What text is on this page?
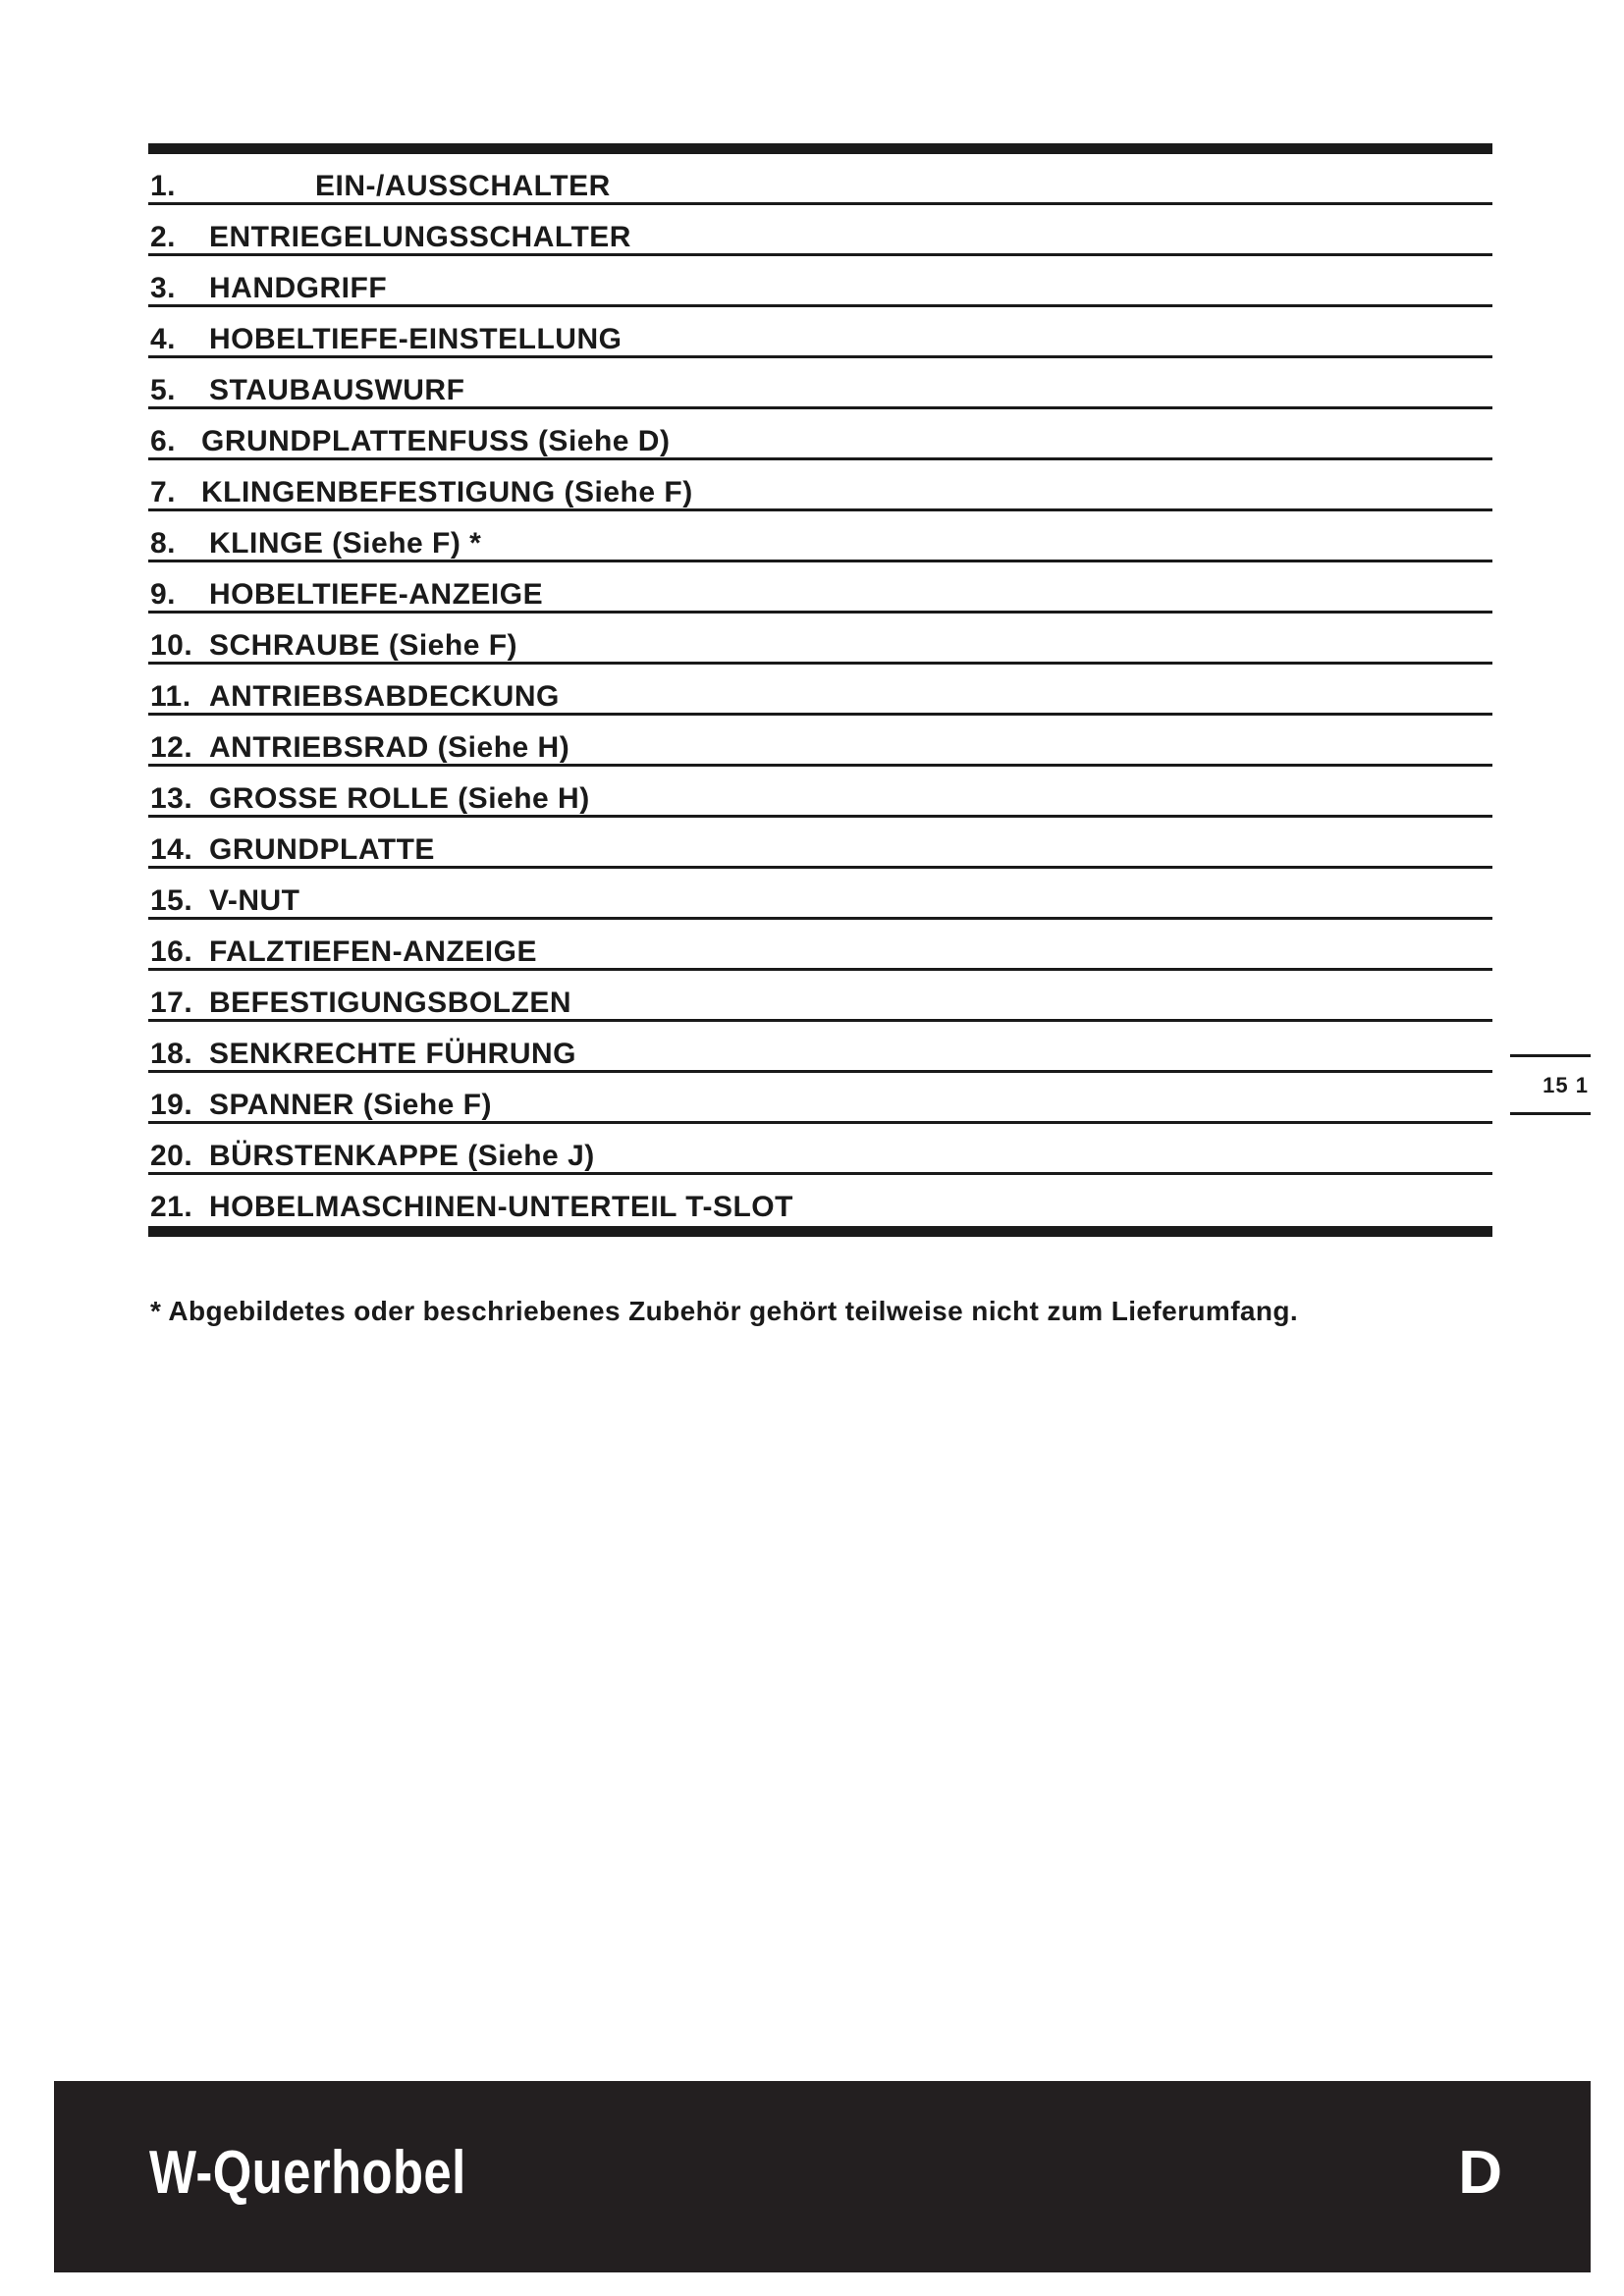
1.	EIN-/AUSSCHALTER
2. ENTRIEGELUNGSSCHALTER
3. HANDGRIFF
4. HOBELTIEFE-EINSTELLUNG
5. STAUBAUSWURF
6. GRUNDPLATTENFUSS (Siehe D)
7. KLINGENBEFESTIGUNG (Siehe F)
8. KLINGE (Siehe F) *
9. HOBELTIEFE-ANZEIGE
10. SCHRAUBE (Siehe F)
11. ANTRIEBSABDECKUNG
12. ANTRIEBSRAD (Siehe H)
13. GROSSE ROLLE (Siehe H)
14. GRUNDPLATTE
15. V-NUT
16. FALZTIEFEN-ANZEIGE
17. BEFESTIGUNGSBOLZEN
18. SENKRECHTE FÜHRUNG
19. SPANNER (Siehe F)
20. BÜRSTENKAPPE (Siehe J)
21. HOBELMASCHINEN-UNTERTEIL T-SLOT
* Abgebildetes oder beschriebenes Zubehör gehört teilweise nicht zum Lieferumfang.
15 1
W-Querhobel	D
